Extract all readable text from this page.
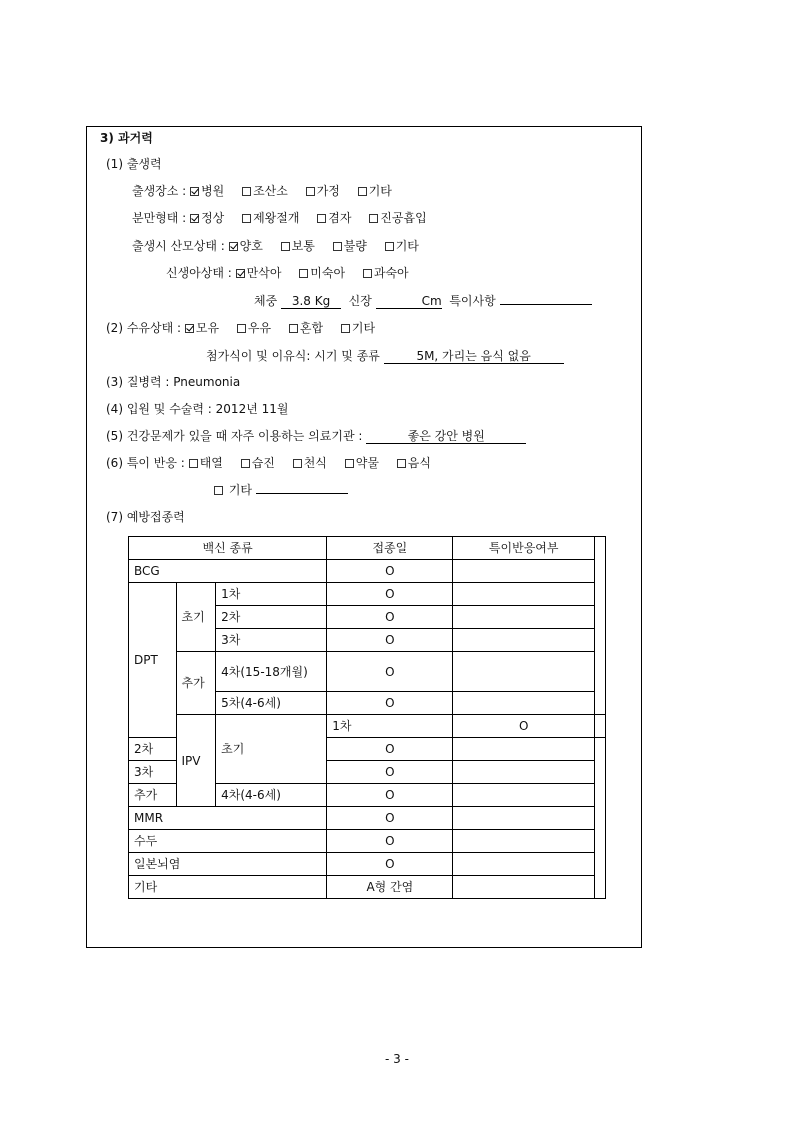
3) 과거력
(1) 출생력
출생장소 : 병원 조산소 가정 기타
분만형태 : 정상 제왕절개 겸자 진공흡입
출생시 산모상태 : 양호 보통 불량 기타
신생아상태 : 만삭아 미숙아 과숙아
체중 3.8 Kg 신장	Cm 특이사항
(2) 수유상태 : 모유 우유 혼합 기타
첨가식이 및 이유식: 시기 및 종류	5M, 가리는 음식 없음
(3) 질병력 : Pneumonia
(4) 입원 및 수술력 : 2012년 11월
(5) 건강문제가 있을 때 자주 이용하는 의료기관 :	좋은 강안 병원
(6) 특이 반응 : 태열 습진 천식 약물 음식
기타
(7) 예방접종력
백신 종류			접종일	특이반응여부	
BCG			O		
DPT	초기	1차	O		
		2차	O		
		3차	O		
	추가	4차(15-18개월)	O		
		5차(4-6세)	O		
	IPV	초기	1차	O	
2차			O		
3차			O		
추가		4차(4-6세)	O		
MMR			O		
수두			O		
일본뇌염			O		
기타			A형 간염		
- 3 -
